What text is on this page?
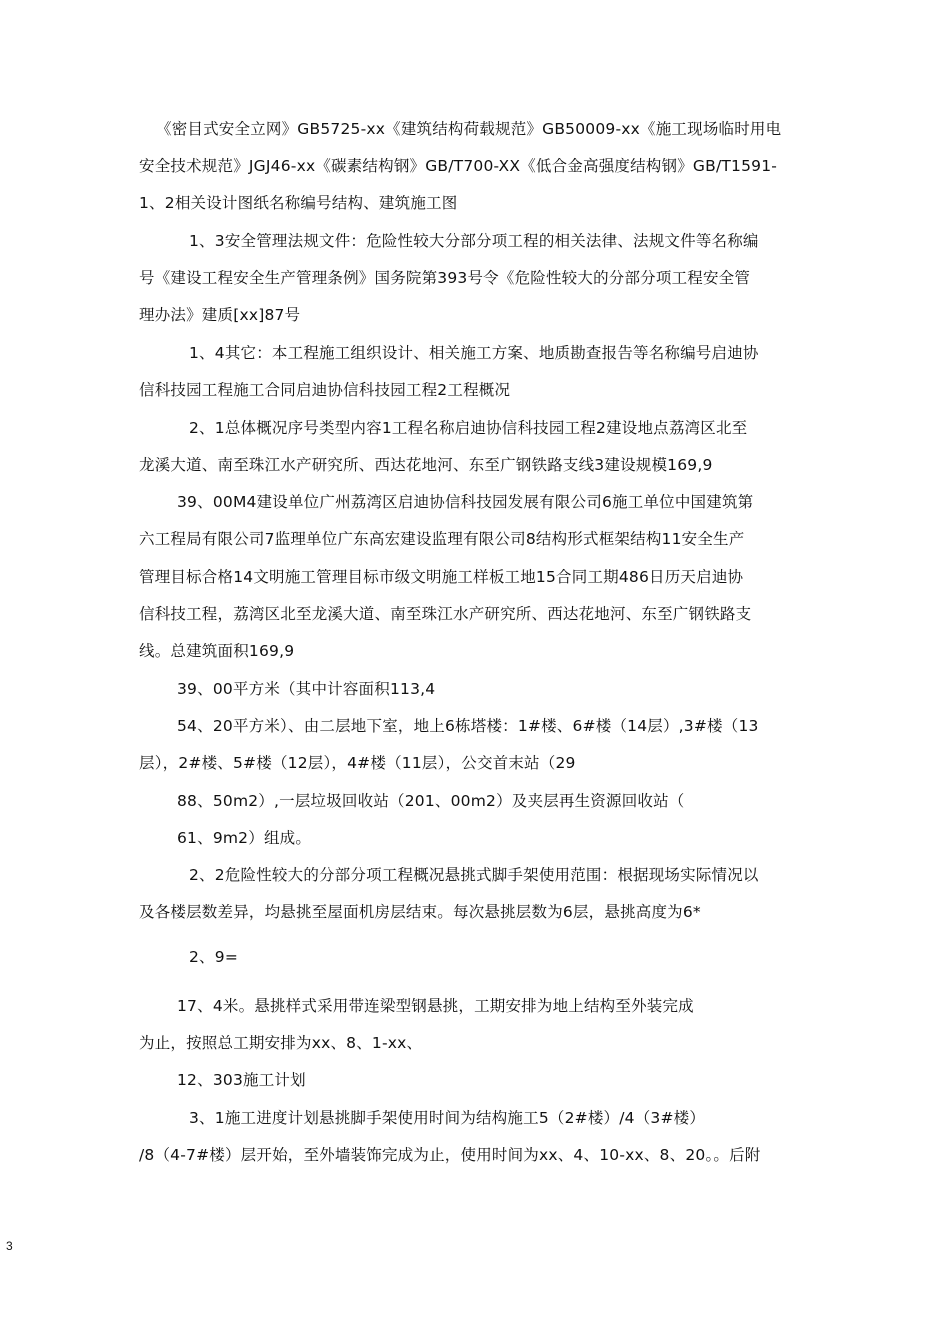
《密目式安全立网》GB5725-xx《建筑结构荷载规范》GB50009-xx《施工现场临时用电
安全技术规范》JGJ46-xx《碳素结构钢》GB/T700-XX《低合金高强度结构钢》GB/T1591-
1、2相关设计图纸名称编号结构、建筑施工图
1、3安全管理法规文件：危险性较大分部分项工程的相关法律、法规文件等名称编
号《建设工程安全生产管理条例》国务院第393号令《危险性较大的分部分项工程安全管
理办法》建质[xx]87号
1、4其它：本工程施工组织设计、相关施工方案、地质勘查报告等名称编号启迪协
信科技园工程施工合同启迪协信科技园工程2工程概况
2、1总体概况序号类型内容1工程名称启迪协信科技园工程2建设地点荔湾区北至
龙溪大道、南至珠江水产研究所、西达花地河、东至广钢铁路支线3建设规模169,9
39、00M4建设单位广州荔湾区启迪协信科技园发展有限公司6施工单位中国建筑第
六工程局有限公司7监理单位广东高宏建设监理有限公司8结构形式框架结构11安全生产
管理目标合格14文明施工管理目标市级文明施工样板工地15合同工期486日历天启迪协
信科技工程，荔湾区北至龙溪大道、南至珠江水产研究所、西达花地河、东至广钢铁路支
线。总建筑面积169,9
39、00平方米（其中计容面积113,4
54、20平方米）、由二层地下室，地上6栋塔楼：1#楼、6#楼（14层）,3#楼（13
层），2#楼、5#楼（12层），4#楼（11层），公交首末站（29
88、50m2）,一层垃圾回收站（201、00m2）及夹层再生资源回收站（
61、9m2）组成。
2、2危险性较大的分部分项工程概况悬挑式脚手架使用范围：根据现场实际情况以
及各楼层数差异，均悬挑至屋面机房层结束。每次悬挑层数为6层，悬挑高度为6*
2、9=
17、4米。悬挑样式采用带连梁型钢悬挑，工期安排为地上结构至外装完成
为止，按照总工期安排为xx、8、1-xx、
12、303施工计划
3、1施工进度计划悬挑脚手架使用时间为结构施工5（2#楼）/4（3#楼）
/8（4-7#楼）层开始，至外墙装饰完成为止，使用时间为xx、4、10-xx、8、20。。后附
3
